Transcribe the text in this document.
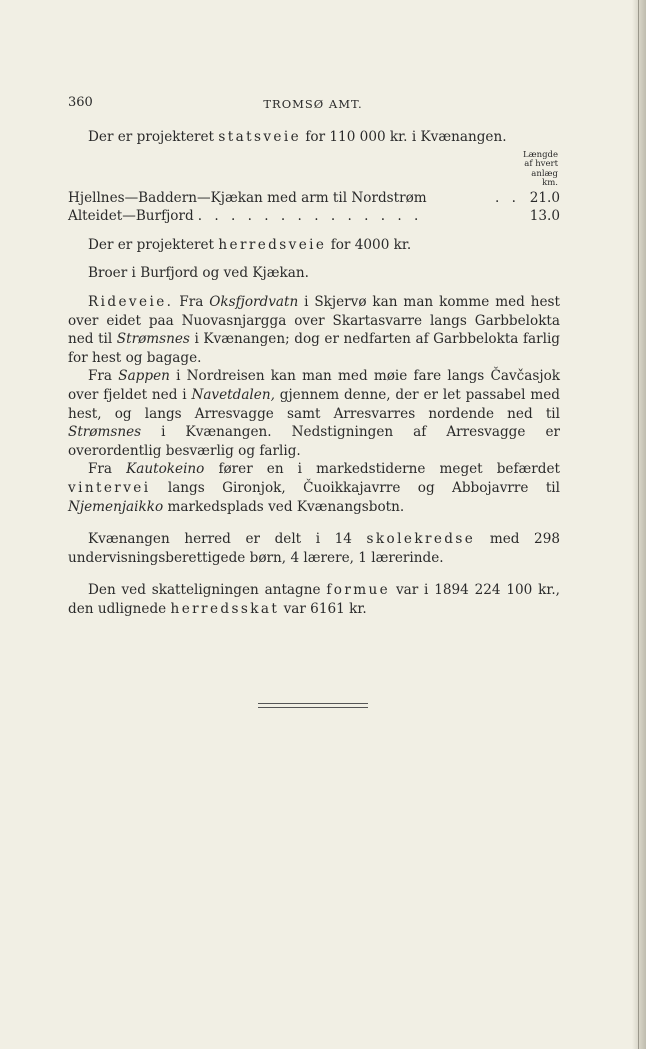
360	TROMSØ AMT.

Der er projekteret statsveie for 110 000 kr. i Kvænangen.

Længde
af hvert
anlæg
km.
Hjellnes—Baddern—Kjækan med arm til Nordstrøm	. . 21.0
Alteidet—Burfjord . . . . . . . . . . . . . .	13.0

Der er projekteret herredsveie for 4000 kr.

Broer i Burfjord og ved Kjækan.

Rideveie. Fra Oksfjordvatn i Skjervø kan man komme med hest over eidet paa Nuovasnjargga over Skartasvarre langs Garbbelokta ned til Strømsnes i Kvænangen; dog er nedfarten af Garbbelokta farlig for hest og bagage.

Fra Sappen i Nordreisen kan man med møie fare langs Čavčasjok over fjeldet ned i Navetdalen, gjennem denne, der er let passabel med hest, og langs Arresvagge samt Arresvarres nordende ned til Strømsnes i Kvænangen. Nedstigningen af Arresvagge er overordentlig besværlig og farlig.

Fra Kautokeino fører en i markedstiderne meget befærdet vintervei langs Gironjok, Čuoikkajavrre og Abbojavrre til Njemenjaikko markedsplads ved Kvænangsbotn.

Kvænangen herred er delt i 14 skolekredse med 298 undervisningsberettigede børn, 4 lærere, 1 lærerinde.

Den ved skatteligningen antagne formue var i 1894 224 100 kr., den udlignede herredsskat var 6161 kr.
